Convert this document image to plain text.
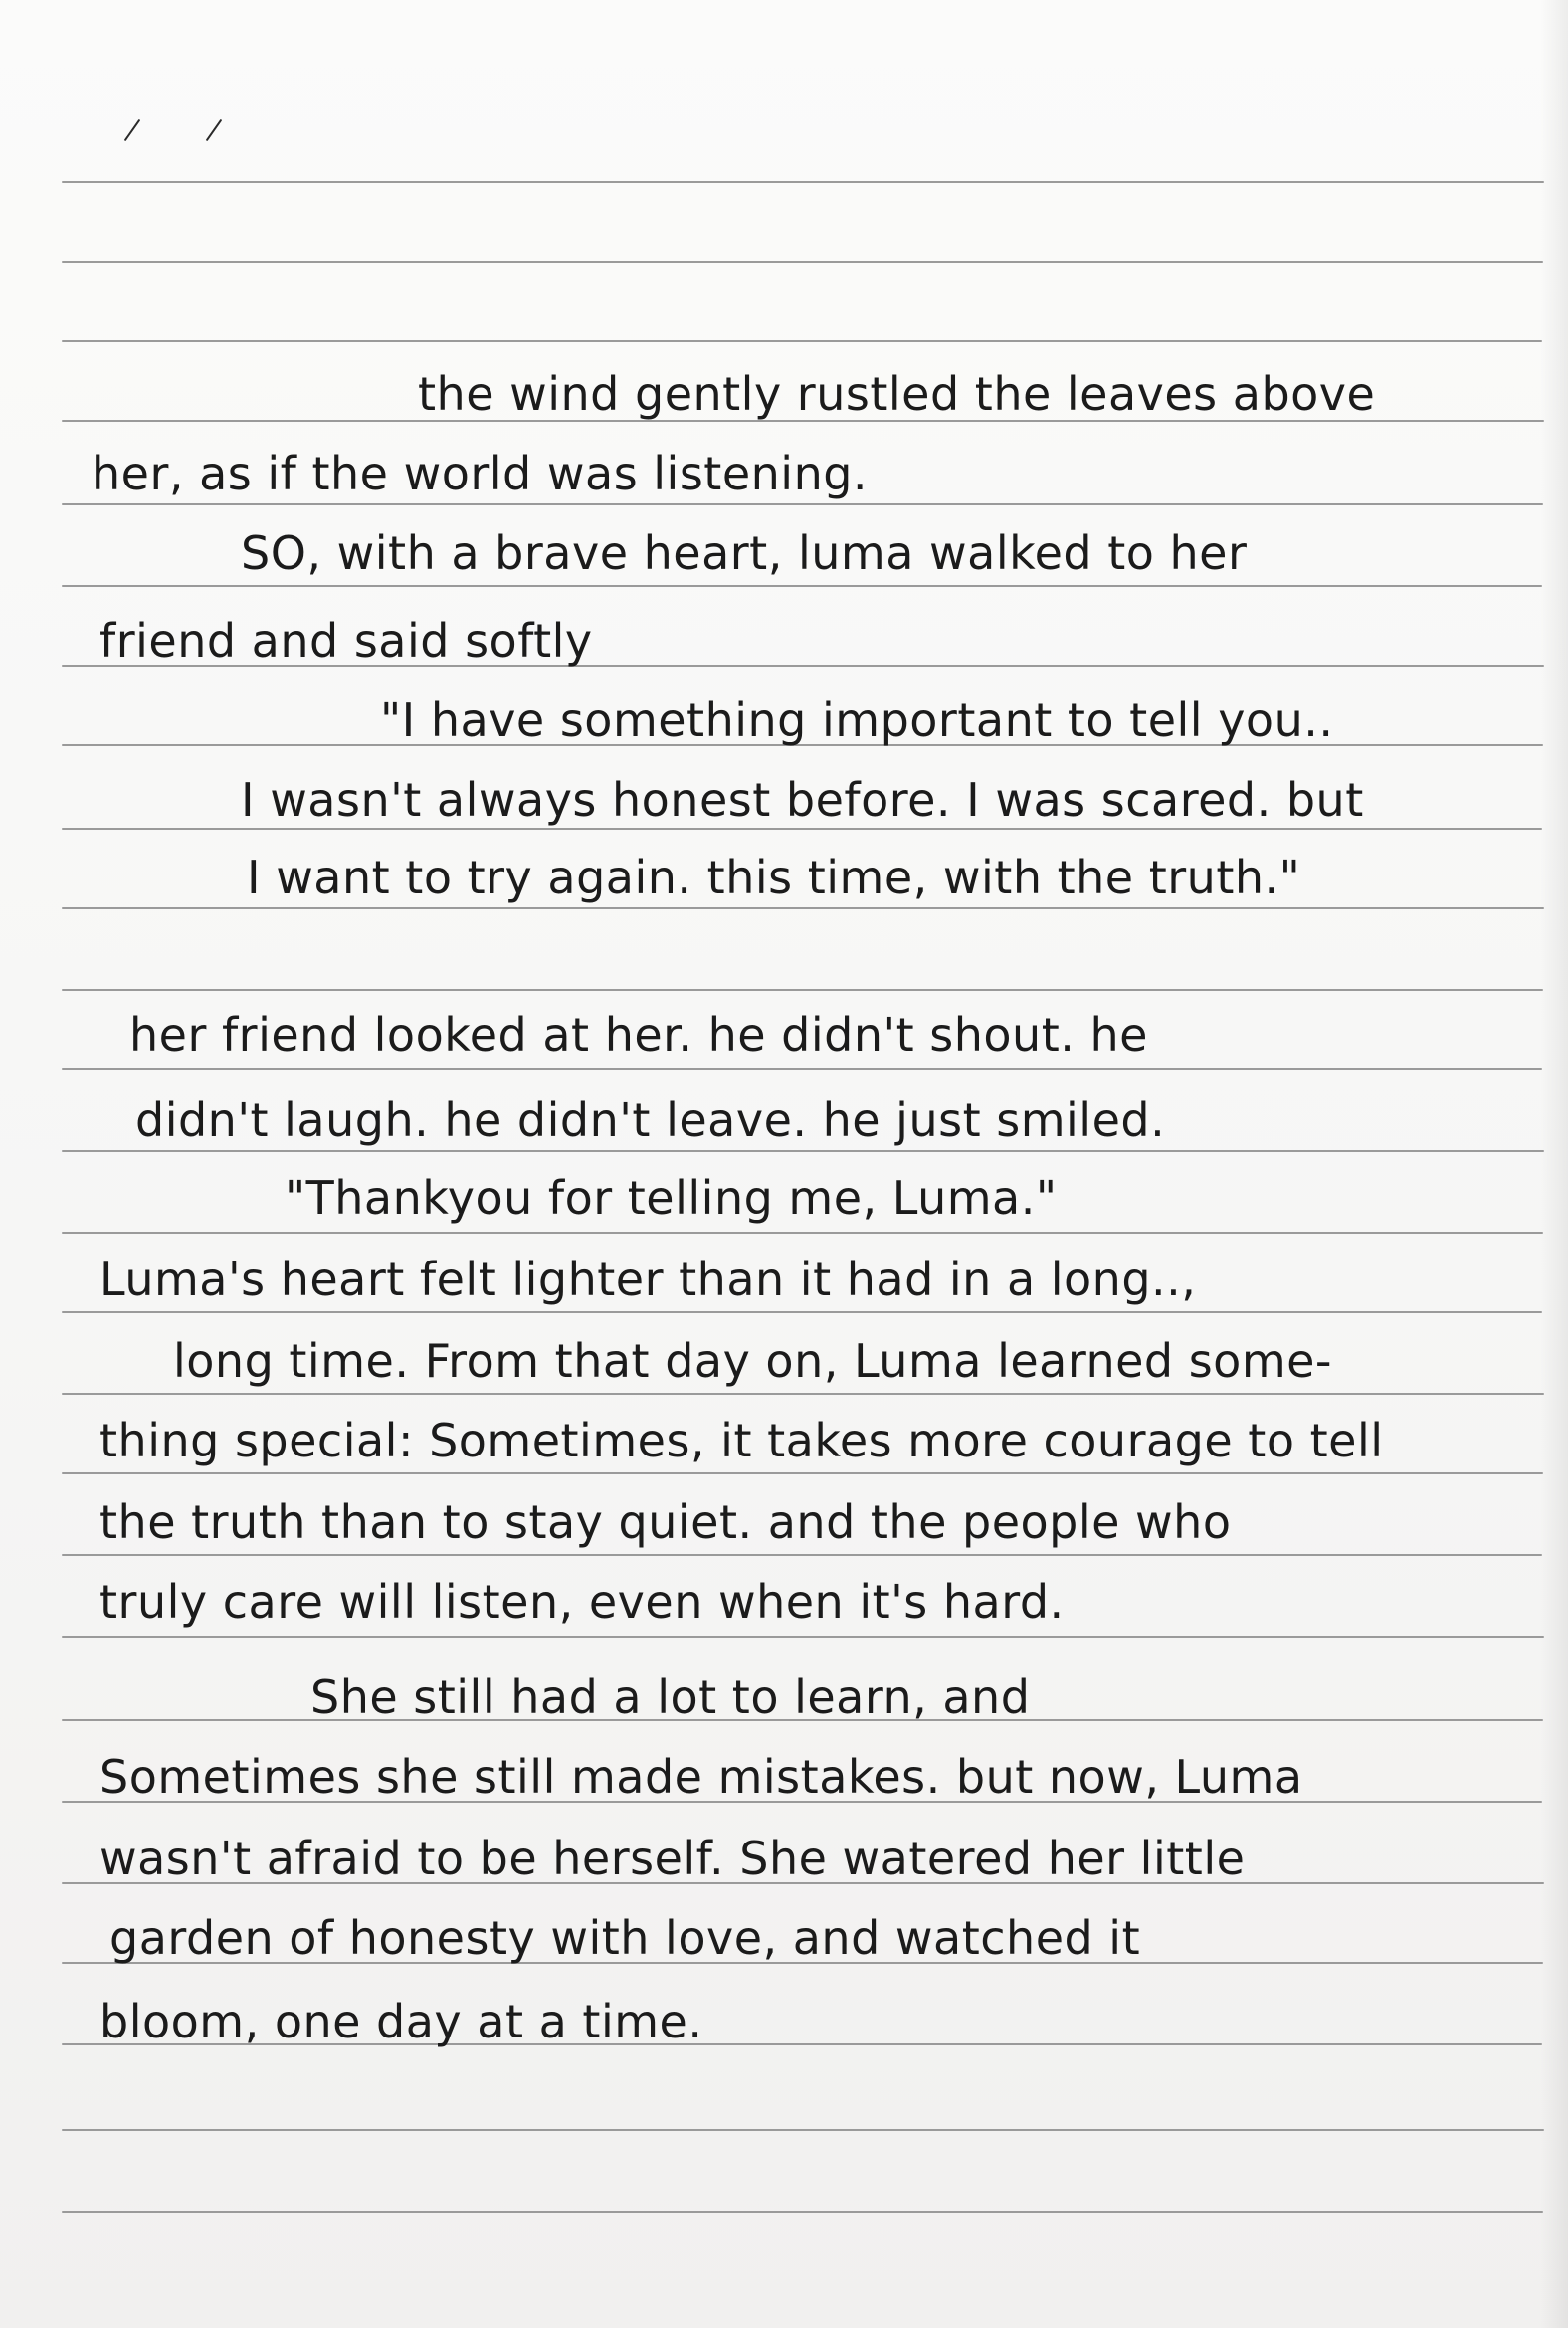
the wind gently rustled the leaves above
her, as if the world was listening.
SO, with a brave heart, luma walked to her
friend and said softly
"I have something important to tell you..
I wasn't always honest before. I was scared. but
I want to try again. this time, with the truth."
her friend looked at her. he didn't shout. he
didn't laugh. he didn't leave. he just smiled.
"Thankyou for telling me, Luma."
Luma's heart felt lighter than it had in a long..,
long time. From that day on, Luma learned some-
thing special: Sometimes, it takes more courage to tell
the truth than to stay quiet. and the people who
truly care will listen, even when it's hard.
She still had a lot to learn, and
Sometimes she still made mistakes. but now, Luma
wasn't afraid to be herself. She watered her little
garden of honesty with love, and watched it
bloom, one day at a time.
